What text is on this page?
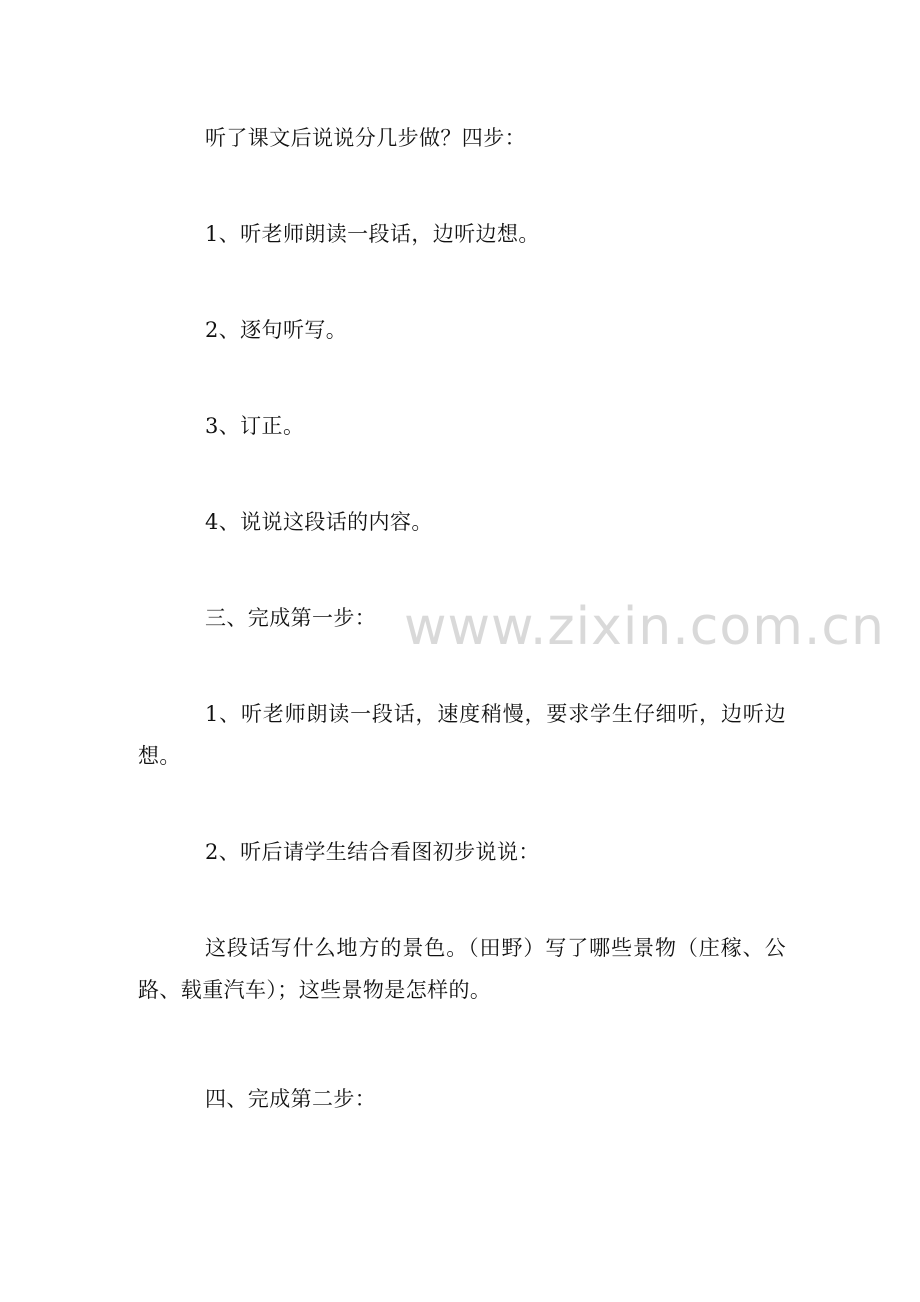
听了课文后说说分几步做？四步：

1、听老师朗读一段话，边听边想。

2、逐句听写。

3、订正。

4、说说这段话的内容。

三、完成第一步：

1、听老师朗读一段话，速度稍慢，要求学生仔细听，边听边想。

2、听后请学生结合看图初步说说：

这段话写什么地方的景色。（田野）写了哪些景物（庄稼、公路、载重汽车）；这些景物是怎样的。

四、完成第二步：

www.zixin.com.cn
